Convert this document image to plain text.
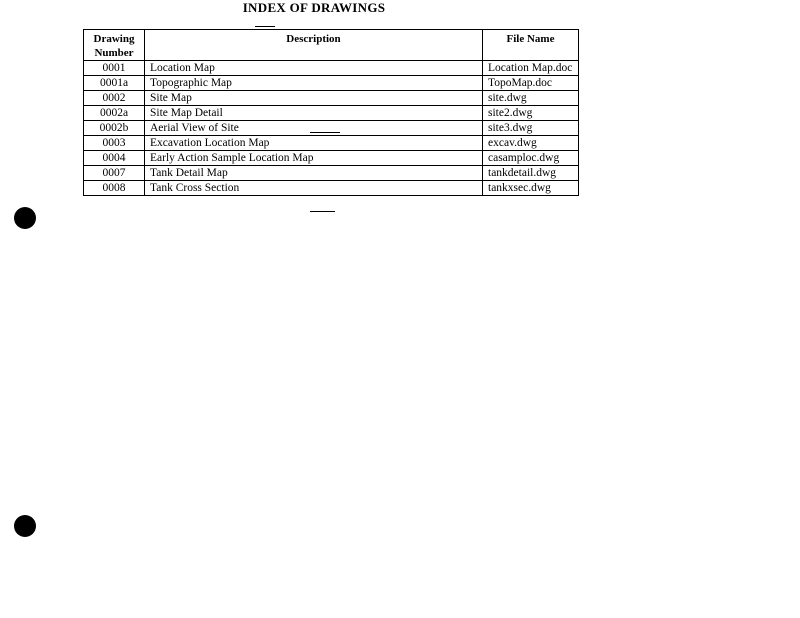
INDEX OF DRAWINGS
Drawing Number	Description	File Name
0001	Location Map	Location Map.doc
0001a	Topographic Map	TopoMap.doc
0002	Site Map	site.dwg
0002a	Site Map Detail	site2.dwg
0002b	Aerial View of Site	site3.dwg
0003	Excavation Location Map	excav.dwg
0004	Early Action Sample Location Map	casamploc.dwg
0007	Tank Detail Map	tankdetail.dwg
0008	Tank Cross Section	tankxsec.dwg
